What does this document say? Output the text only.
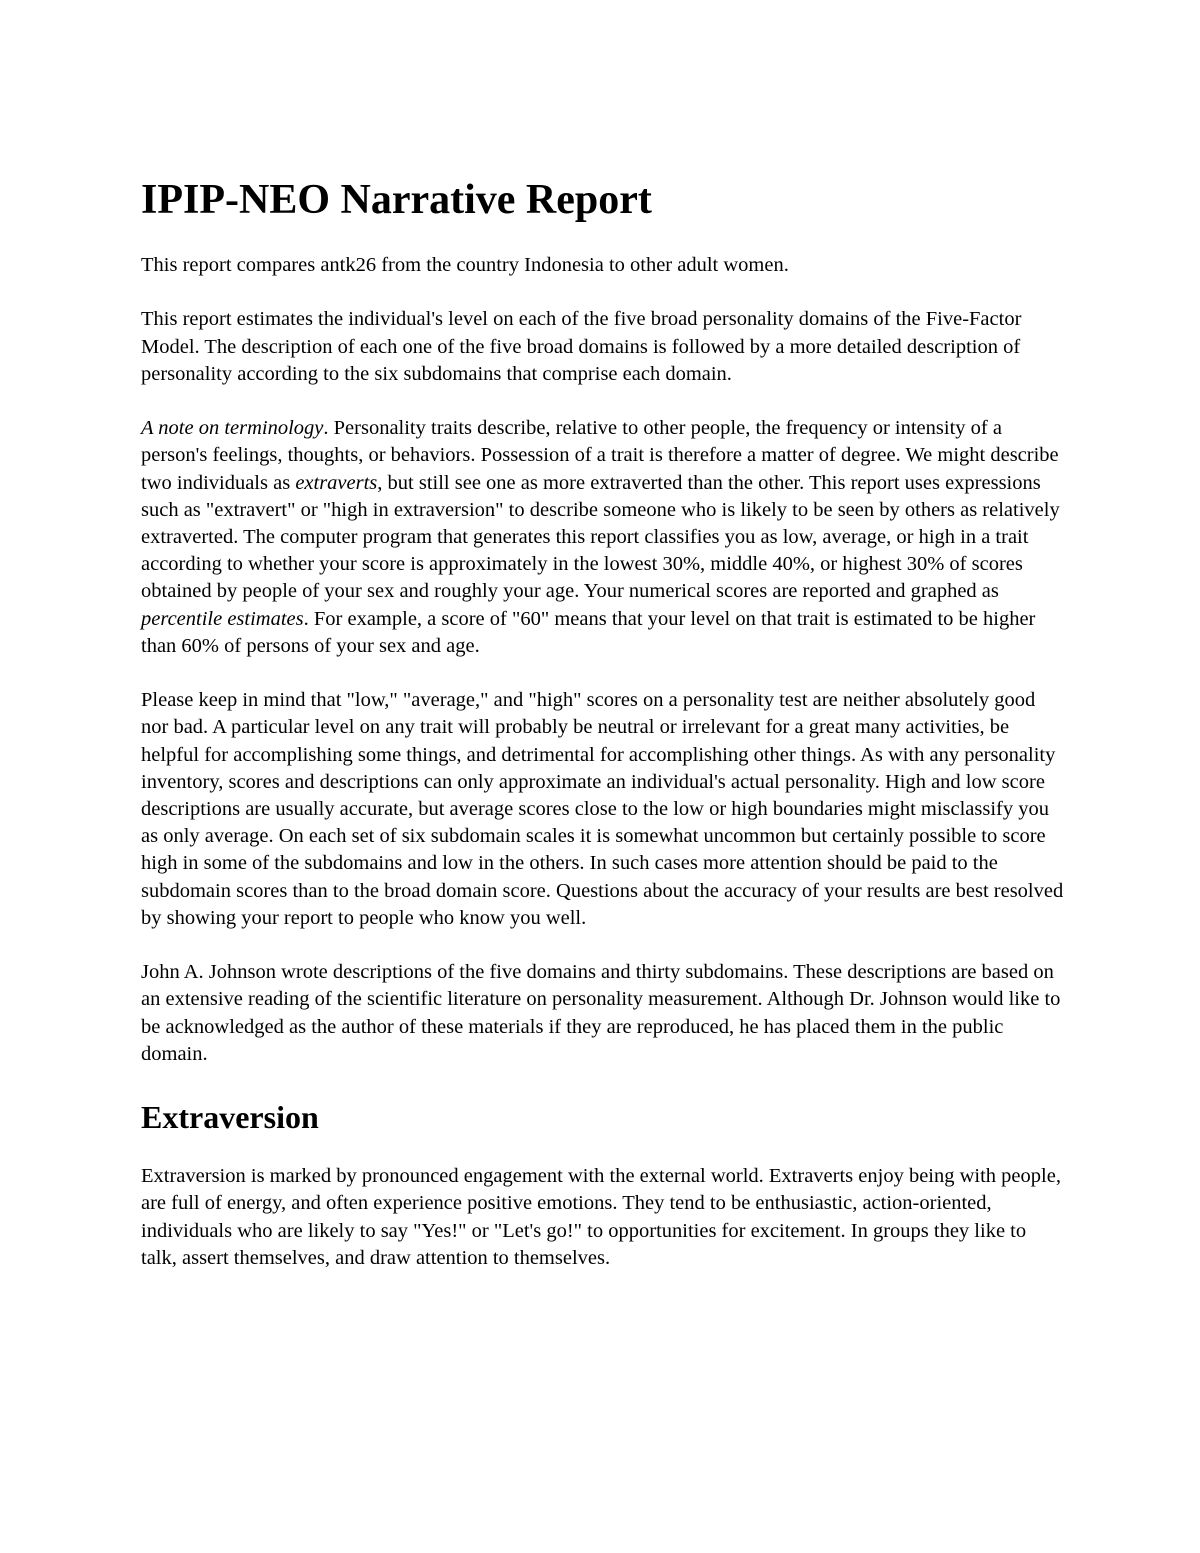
IPIP-NEO Narrative Report

This report compares antk26 from the country Indonesia to other adult women.

This report estimates the individual's level on each of the five broad personality domains of the Five-Factor Model. The description of each one of the five broad domains is followed by a more detailed description of personality according to the six subdomains that comprise each domain.

A note on terminology. Personality traits describe, relative to other people, the frequency or intensity of a person's feelings, thoughts, or behaviors. Possession of a trait is therefore a matter of degree. We might describe two individuals as extraverts, but still see one as more extraverted than the other. This report uses expressions such as "extravert" or "high in extraversion" to describe someone who is likely to be seen by others as relatively extraverted. The computer program that generates this report classifies you as low, average, or high in a trait according to whether your score is approximately in the lowest 30%, middle 40%, or highest 30% of scores obtained by people of your sex and roughly your age. Your numerical scores are reported and graphed as percentile estimates. For example, a score of "60" means that your level on that trait is estimated to be higher than 60% of persons of your sex and age.

Please keep in mind that "low," "average," and "high" scores on a personality test are neither absolutely good nor bad. A particular level on any trait will probably be neutral or irrelevant for a great many activities, be helpful for accomplishing some things, and detrimental for accomplishing other things. As with any personality inventory, scores and descriptions can only approximate an individual's actual personality. High and low score descriptions are usually accurate, but average scores close to the low or high boundaries might misclassify you as only average. On each set of six subdomain scales it is somewhat uncommon but certainly possible to score high in some of the subdomains and low in the others. In such cases more attention should be paid to the subdomain scores than to the broad domain score. Questions about the accuracy of your results are best resolved by showing your report to people who know you well.

John A. Johnson wrote descriptions of the five domains and thirty subdomains. These descriptions are based on an extensive reading of the scientific literature on personality measurement. Although Dr. Johnson would like to be acknowledged as the author of these materials if they are reproduced, he has placed them in the public domain.

Extraversion

Extraversion is marked by pronounced engagement with the external world. Extraverts enjoy being with people, are full of energy, and often experience positive emotions. They tend to be enthusiastic, action-oriented, individuals who are likely to say "Yes!" or "Let's go!" to opportunities for excitement. In groups they like to talk, assert themselves, and draw attention to themselves.
